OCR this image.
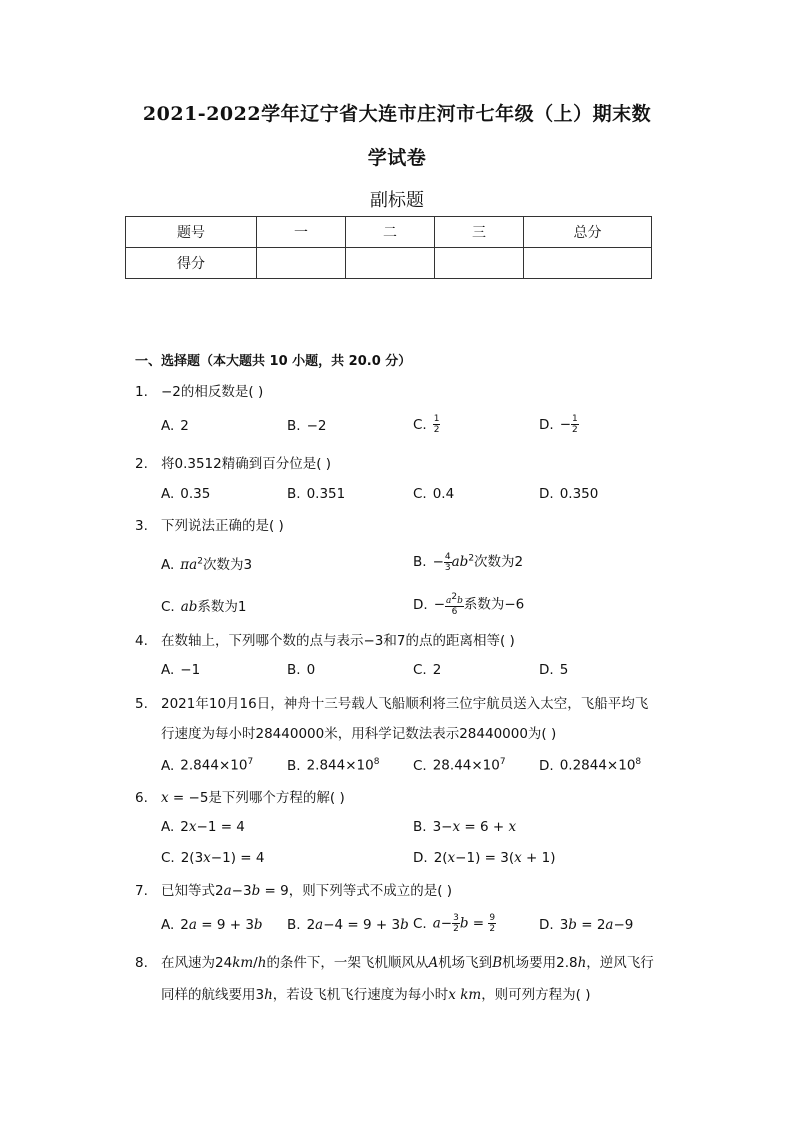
2021-2022学年辽宁省大连市庄河市七年级（上）期末数
学试卷
副标题
题号	一	二	三	总分
得分				
一、选择题（本大题共 10 小题，共 20.0 分）
1. −2的相反数是( )
A. 2	B. −2	C. $\frac{1}{2}$	D. − $\frac{1}{2}$
2. 将0.3512精确到百分位是( )
A. 0.35	B. 0.351	C. 0.4	D. 0.350
3. 下列说法正确的是( )
A. $\pi a^2$次数为3	B. − $\frac{4}{3} ab^2$次数为2
C. ab系数为1	D. − $\frac{a^2b}{6}$ 系数为−6
4. 在数轴上，下列哪个数的点与表示−3和7的点的距离相等( )
A. −1	B. 0	C. 2	D. 5
5. 2021年10月16日，神舟十三号载人飞船顺利将三位宇航员送入太空，飞船平均飞
行速度为每小时28440000米，用科学记数法表示28440000为( )
A. $2.844\times 10^7$	B. $2.844\times 10^8$ C. $28.44\times 10^7$ D. $0.2844\times 10^8$
6. x = −5是下列哪个方程的解( )
A. 2x−1 = 4	B. 3−x = 6 + x
C. 2(3x−1) = 4	D. 2(x−1) = 3(x + 1)
7. 已知等式2a−3b = 9，则下列等式不成立的是( )
A. 2a = 9 + 3b B. 2a−4 = 9 + 3b C. $a- \frac{3}{2}$ $b = \frac{9}{2}$	D. 3b = 2a−9
8. 在风速为24km/h的条件下，一架飞机顺风从A机场飞到B机场要用2.8h，逆风飞行
同样的航线要用3h，若设飞机飞行速度为每小时x km，则可列方程为( )
